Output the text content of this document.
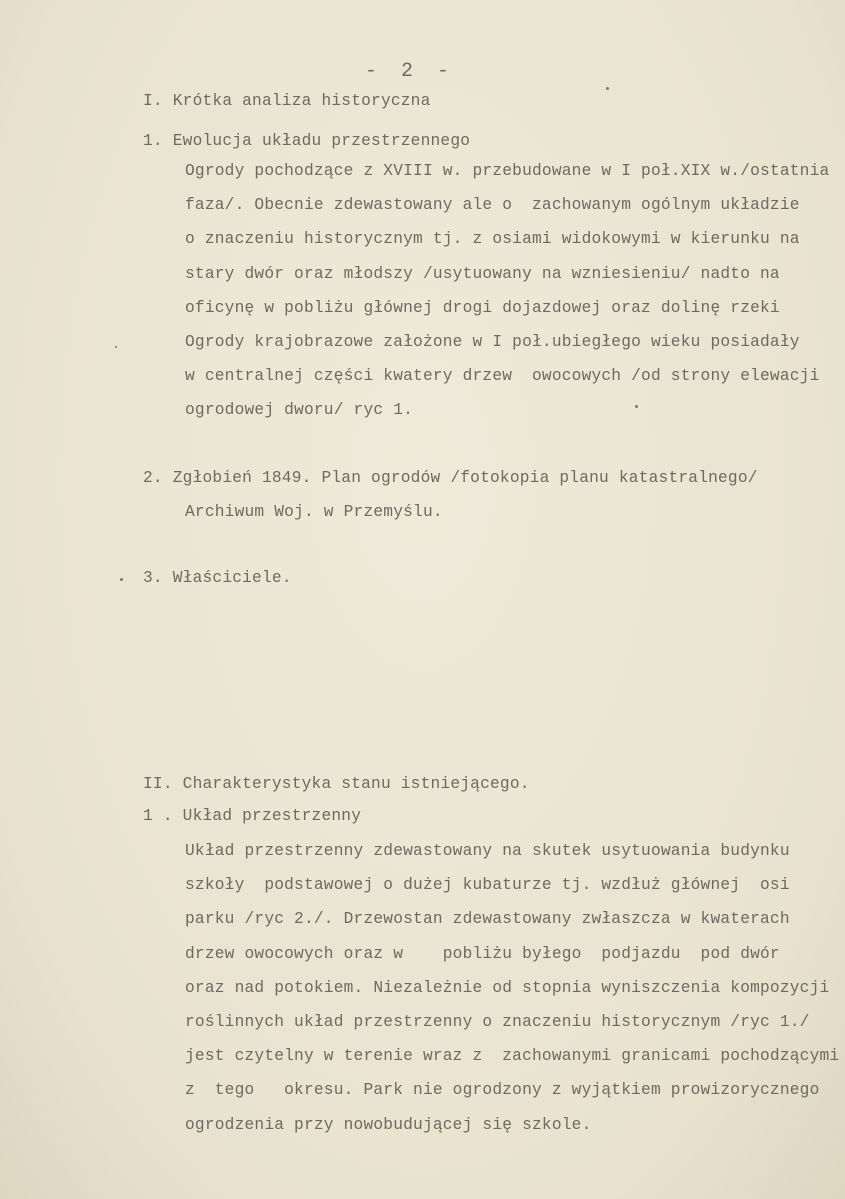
-  2  -
I. Krótka analiza historyczna
1. Ewolucja układu przestrzennego
Ogrody pochodzące z XVIII w. przebudowane w I poł.XIX w./ostatnia
faza/. Obecnie zdewastowany ale o  zachowanym ogólnym układzie
o znaczeniu historycznym tj. z osiami widokowymi w kierunku na
stary dwór oraz młodszy /usytuowany na wzniesieniu/ nadto na
oficynę w pobliżu głównej drogi dojazdowej oraz dolinę rzeki
Ogrody krajobrazowe założone w I poł.ubiegłego wieku posiadały
w centralnej części kwatery drzew  owocowych /od strony elewacji
ogrodowej dworu/ ryc 1.
2. Zgłobień 1849. Plan ogrodów /fotokopia planu katastralnego/
Archiwum Woj. w Przemyślu.
3. Właściciele.
II. Charakterystyka stanu istniejącego.
1 . Układ przestrzenny
Układ przestrzenny zdewastowany na skutek usytuowania budynku
szkoły  podstawowej o dużej kubaturze tj. wzdłuż głównej  osi
parku /ryc 2./. Drzewostan zdewastowany zwłaszcza w kwaterach
drzew owocowych oraz w    pobliżu byłego  podjazdu  pod dwór
oraz nad potokiem. Niezależnie od stopnia wyniszczenia kompozycji
roślinnych układ przestrzenny o znaczeniu historycznym /ryc 1./
jest czytelny w terenie wraz z  zachowanymi granicami pochodzącymi
z  tego   okresu. Park nie ogrodzony z wyjątkiem prowizorycznego
ogrodzenia przy nowobudującej się szkole.
